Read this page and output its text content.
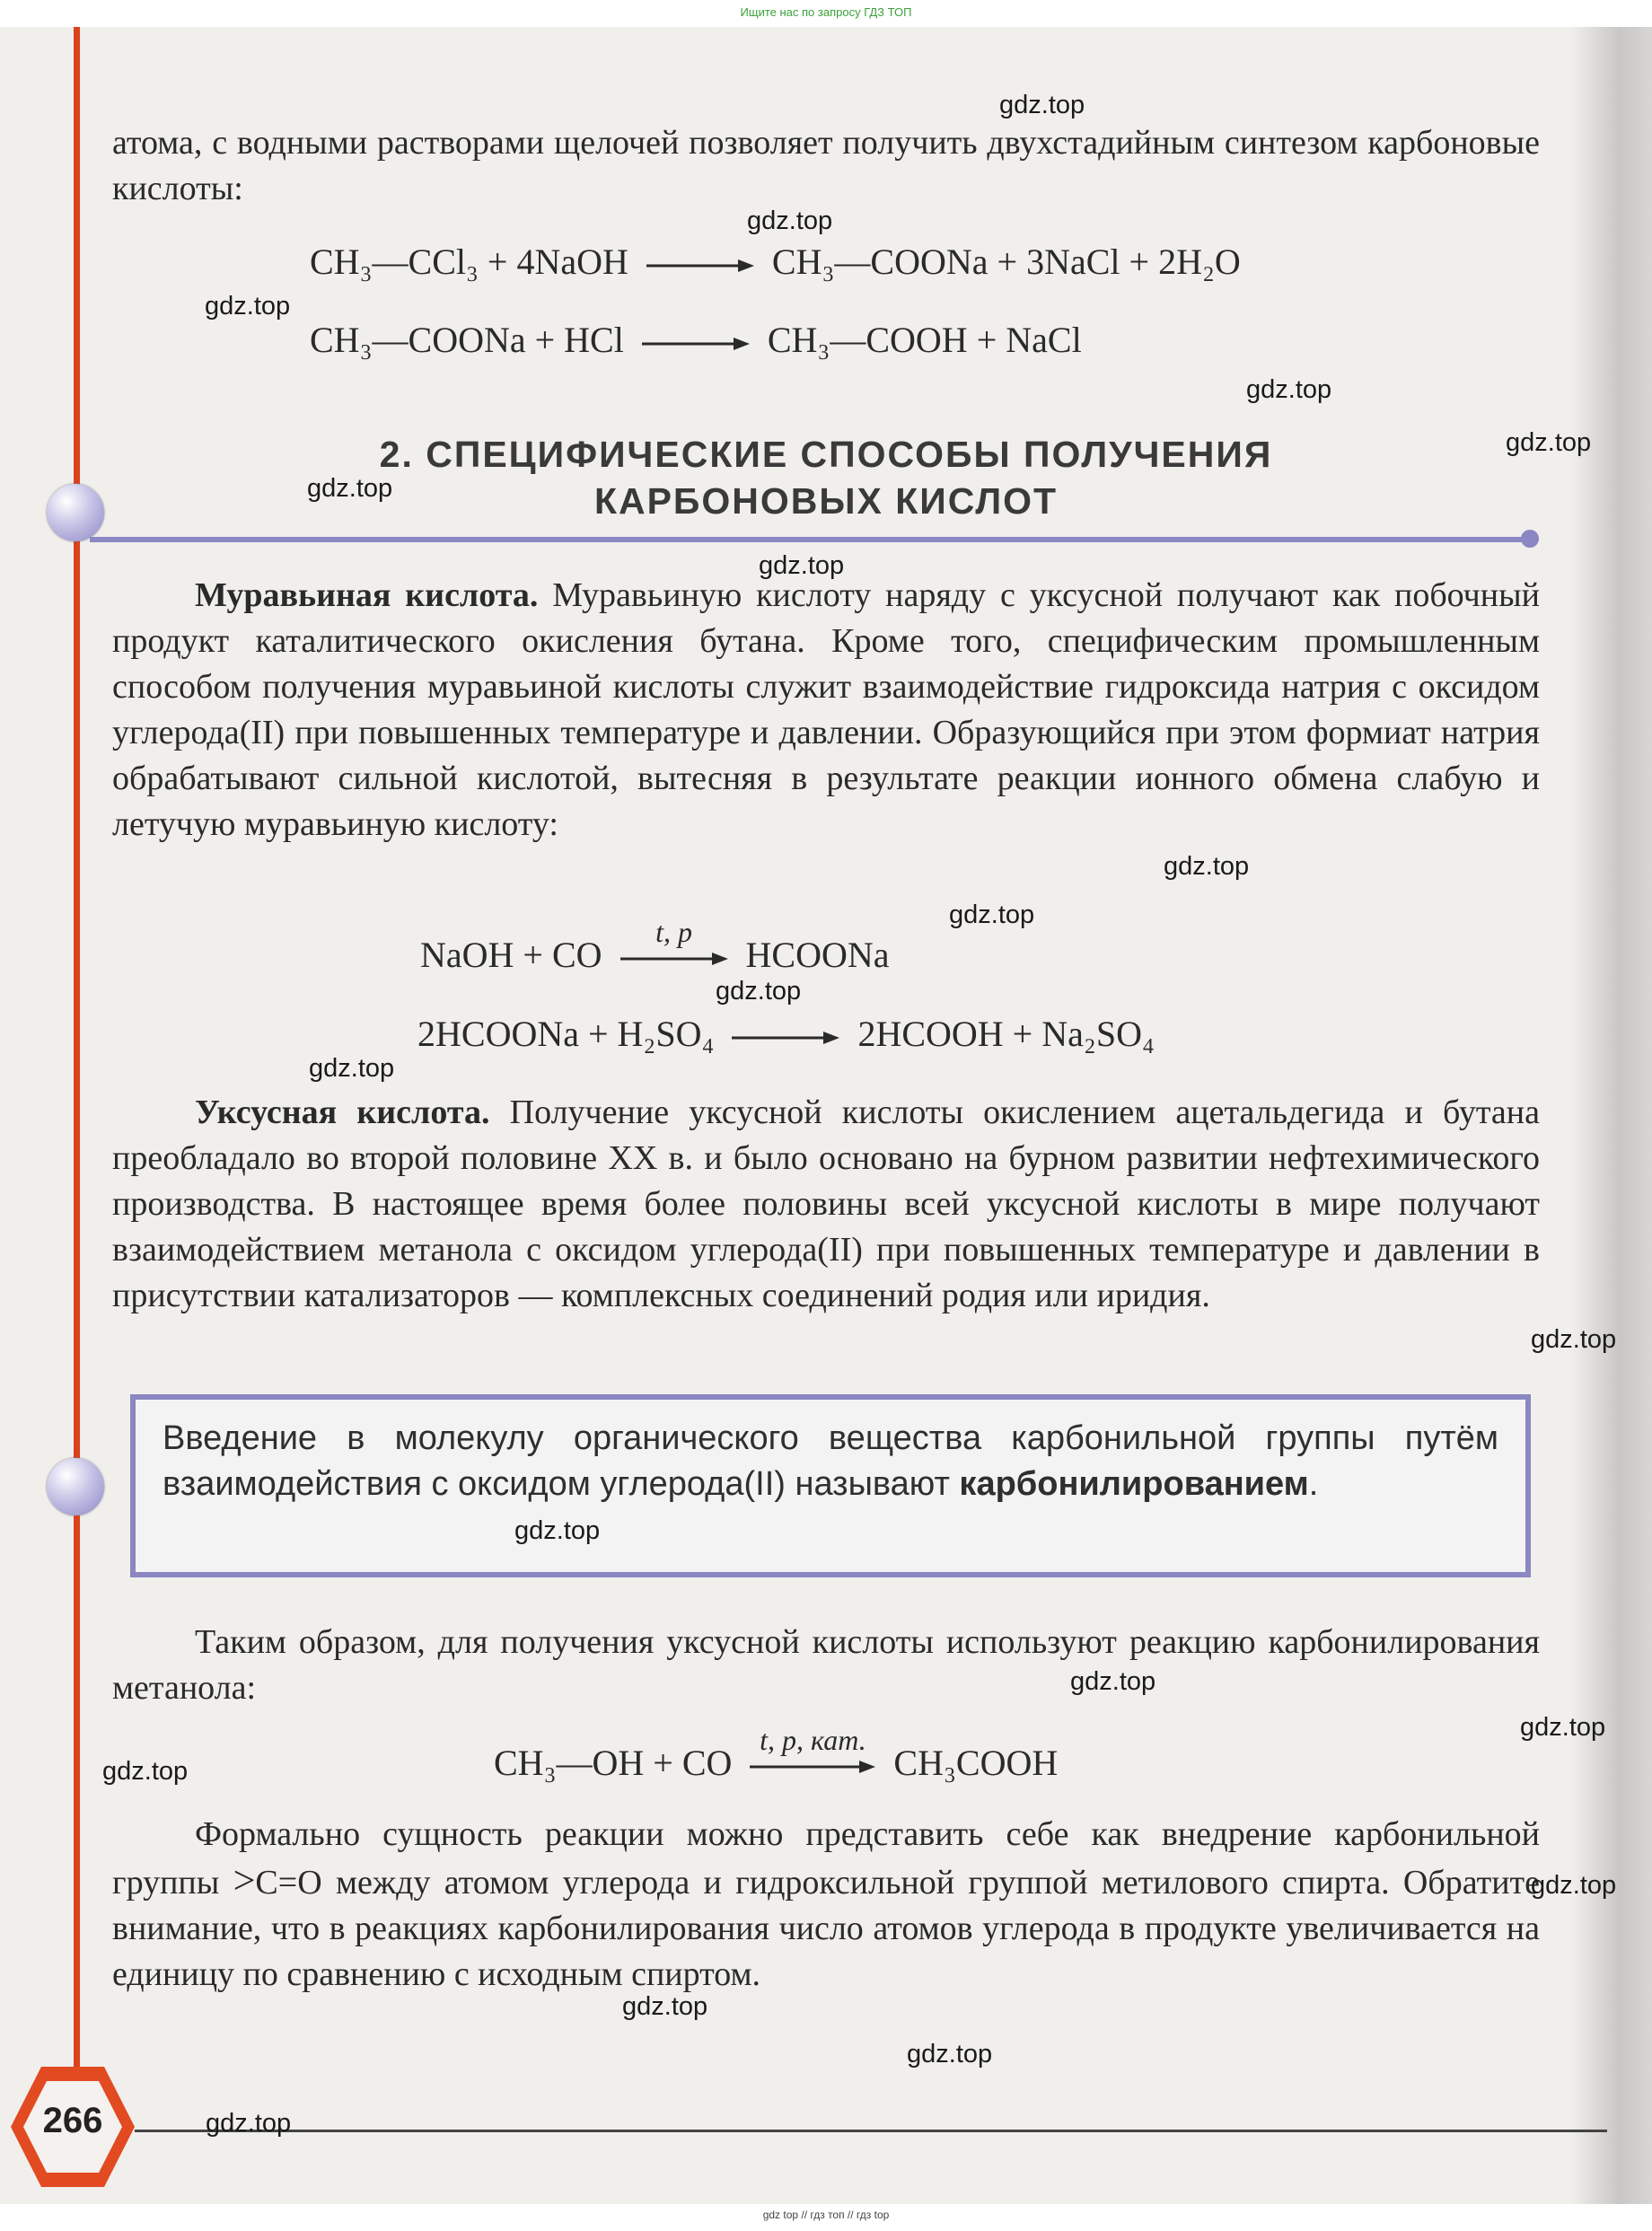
Ищите нас по запросу ГДЗ ТОП

атома, с водными растворами щелочей позволяет получить двухстадийным синтезом карбоновые кислоты:

CH₃—CCl₃ + 4NaOH	CH₃—COONa + 3NaCl + 2H₂O
CH₃—COONa + HCl	CH₃—COOH + NaCl
2. СПЕЦИФИЧЕСКИЕ СПОСОБЫ ПОЛУЧЕНИЯ
КАРБОНОВЫХ КИСЛОТ

Муравьиная кислота. Муравьиную кислоту наряду с уксусной получают как побочный продукт каталитического окисления бутана. Кроме того, специфическим промышленным способом получения муравьиной кислоты служит взаимодействие гидроксида натрия с оксидом углерода(II) при повышенных температуре и давлении. Образующийся при этом формиат натрия обрабатывают сильной кислотой, вытесняя в результате реакции ионного обмена слабую и летучую муравьиную кислоту:

NaOH + CO
t, p
HCOONa
2HCOONa + H₂SO₄	2HCOOH + Na₂SO₄

Уксусная кислота. Получение уксусной кислоты окислением ацетальдегида и бутана преобладало во второй половине XX в. и было основано на бурном развитии нефтехимического производства. В настоящее время более половины всей уксусной кислоты в мире получают взаимодействием метанола с оксидом углерода(II) при повышенных температуре и давлении в присутствии катализаторов — комплексных соединений родия или иридия.

Введение в молекулу органического вещества карбонильной группы путём взаимодействия с оксидом углерода(II) называют карбонилированием.

Таким образом, для получения уксусной кислоты используют реакцию карбонилирования метанола:

CH₃—OH + CO
t, p, кат.
CH₃COOH

Формально сущность реакции можно представить себе как внедрение карбонильной группы >C=O между атомом углерода и гидроксильной группой метилового спирта. Обратите внимание, что в реакциях карбонилирования число атомов углерода в продукте увеличивается на единицу по сравнению с исходным спиртом.

266
gdz.top
gdz.top
gdz.top
gdz.top
gdz.top
gdz.top
gdz.top
gdz.top
gdz.top
gdz.top
gdz.top
gdz.top
gdz.top
gdz.top
gdz.top
gdz.top
gdz.top
gdz.top
gdz.top
gdz.top
gdz top // гдз топ // гдз top
